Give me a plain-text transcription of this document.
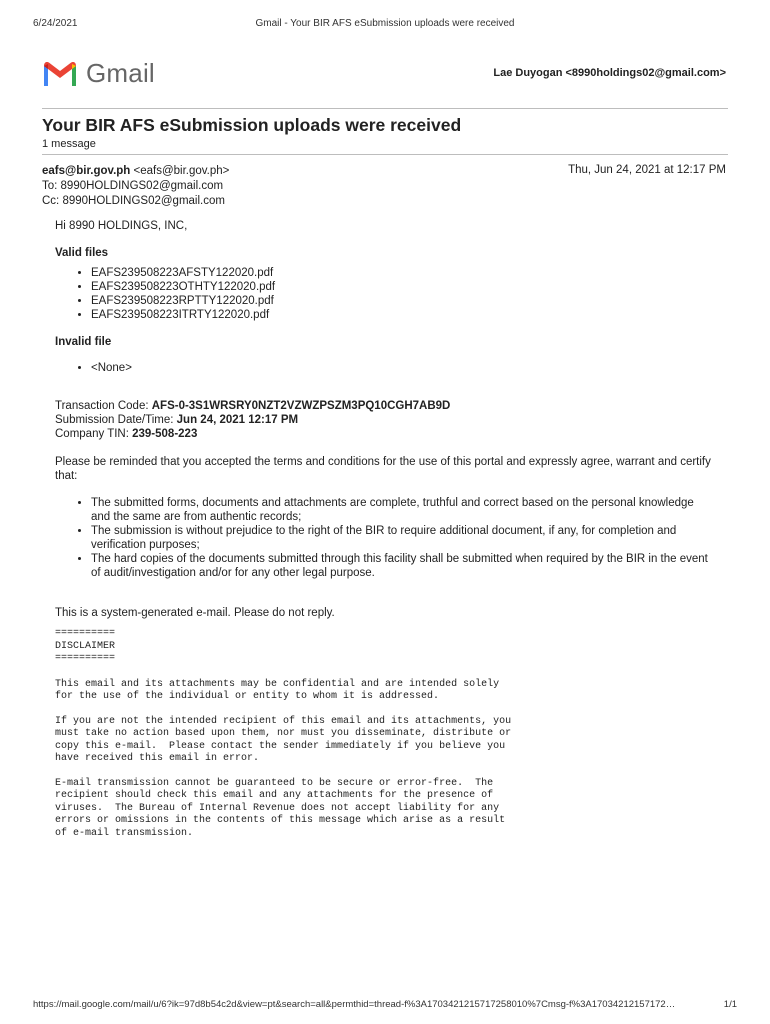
6/24/2021	Gmail - Your BIR AFS eSubmission uploads were received
Gmail	Lae Duyogan <8990holdings02@gmail.com>
Your BIR AFS eSubmission uploads were received
1 message
eafs@bir.gov.ph <eafs@bir.gov.ph>
To: 8990HOLDINGS02@gmail.com
Cc: 8990HOLDINGS02@gmail.com
Thu, Jun 24, 2021 at 12:17 PM

Hi 8990 HOLDINGS, INC,

Valid files

• EAFS239508223AFSTY122020.pdf
• EAFS239508223OTHTY122020.pdf
• EAFS239508223RPTTY122020.pdf
• EAFS239508223ITRTY122020.pdf

Invalid file

• <None>
Transaction Code: AFS-0-3S1WRSRY0NZT2VZWZPSZM3PQ10CGH7AB9D
Submission Date/Time: Jun 24, 2021 12:17 PM
Company TIN: 239-508-223

Please be reminded that you accepted the terms and conditions for the use of this portal and expressly agree, warrant and certify that:

• The submitted forms, documents and attachments are complete, truthful and correct based on the personal knowledge and the same are from authentic records;
• The submission is without prejudice to the right of the BIR to require additional document, if any, for completion and verification purposes;
• The hard copies of the documents submitted through this facility shall be submitted when required by the BIR in the event of audit/investigation and/or for any other legal purpose.

This is a system-generated e-mail. Please do not reply.

==========
DISCLAIMER
==========
This email and its attachments may be confidential and are intended solely
for the use of the individual or entity to whom it is addressed.
If you are not the intended recipient of this email and its attachments, you
must take no action based upon them, nor must you disseminate, distribute or
copy this e-mail.  Please contact the sender immediately if you believe you
have received this email in error.
E-mail transmission cannot be guaranteed to be secure or error-free.  The
recipient should check this email and any attachments for the presence of
viruses.  The Bureau of Internal Revenue does not accept liability for any
errors or omissions in the contents of this message which arise as a result
of e-mail transmission.
https://mail.google.com/mail/u/6?ik=97d8b54c2d&view=pt&search=all&permthid=thread-f%3A1703421215717258010%7Cmsg-f%3A17034212157172…	1/1
